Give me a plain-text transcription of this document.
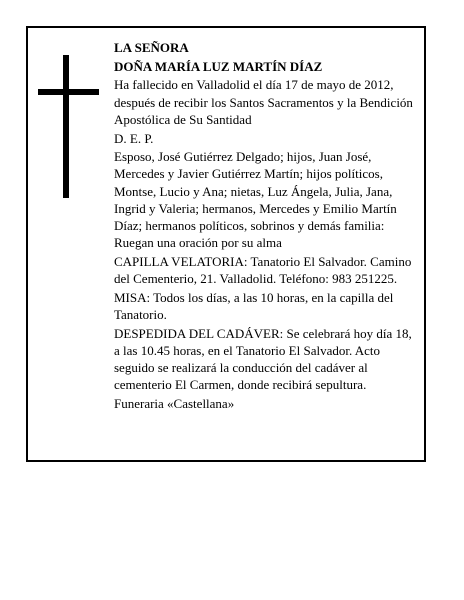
LA SEÑORA

DOÑA MARÍA LUZ MARTÍN DÍAZ

Ha fallecido en Valladolid el día 17 de mayo de 2012, después de recibir los Santos Sacramentos y la Bendición Apostólica de Su Santidad

D. E. P.

Esposo, José Gutiérrez Delgado; hijos, Juan José, Mercedes y Javier Gutiérrez Martín; hijos políticos, Montse, Lucio y Ana; nietas, Luz Ángela, Julia, Jana, Ingrid y Valeria; hermanos, Mercedes y Emilio Martín Díaz; hermanos políticos, sobrinos y demás familia: Ruegan una oración por su alma

CAPILLA VELATORIA: Tanatorio El Salvador. Camino del Cementerio, 21. Valladolid. Teléfono: 983 251225.

MISA: Todos los días, a las 10 horas, en la capilla del Tanatorio.

DESPEDIDA DEL CADÁVER: Se celebrará hoy día 18, a las 10.45 horas, en el Tanatorio El Salvador. Acto seguido se realizará la conducción del cadáver al cementerio El Carmen, donde recibirá sepultura.

Funeraria «Castellana»
